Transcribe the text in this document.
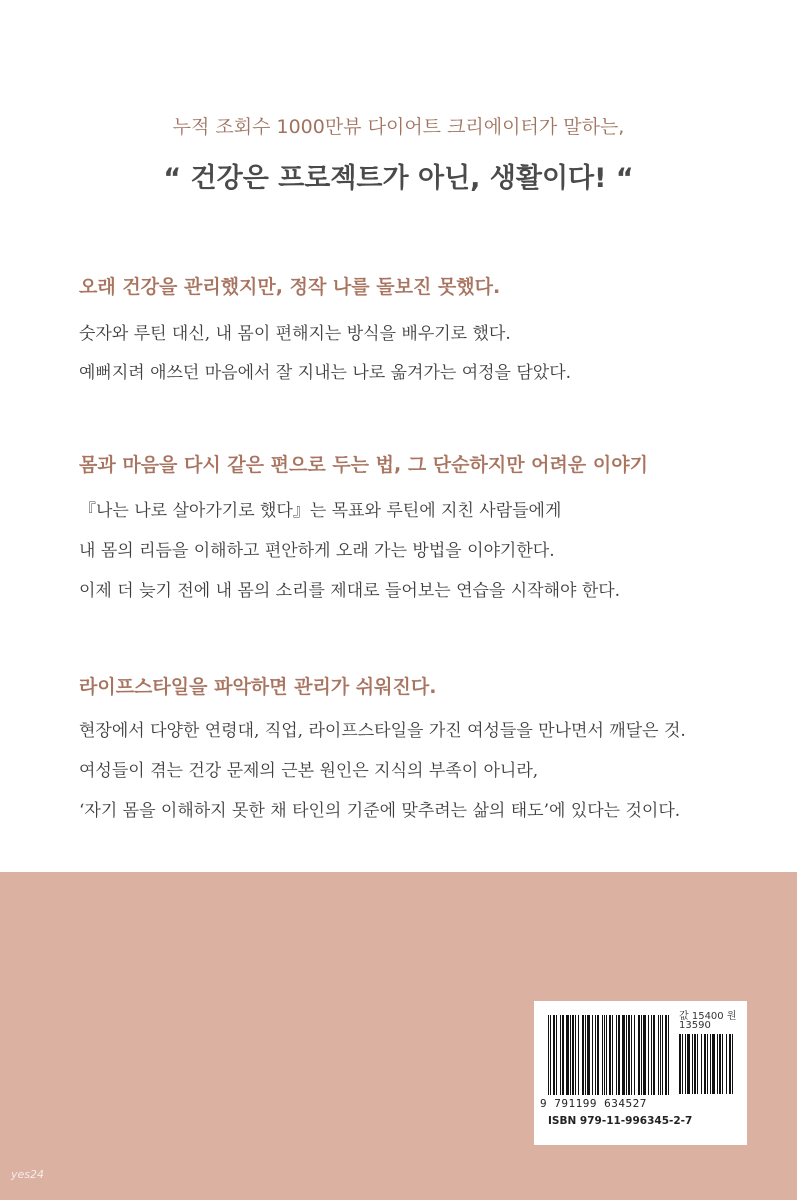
누적 조회수 1000만뷰 다이어트 크리에이터가 말하는,
“ 건강은 프로젝트가 아닌, 생활이다! “
오래 건강을 관리했지만, 정작 나를 돌보진 못했다.
숫자와 루틴 대신, 내 몸이 편해지는 방식을 배우기로 했다.
예뻐지려 애쓰던 마음에서 잘 지내는 나로 옮겨가는 여정을 담았다.
몸과 마음을 다시 같은 편으로 두는 법, 그 단순하지만 어려운 이야기
『나는 나로 살아가기로 했다』는 목표와 루틴에 지친 사람들에게
내 몸의 리듬을 이해하고 편안하게 오래 가는 방법을 이야기한다.
이제 더 늦기 전에 내 몸의 소리를 제대로 들어보는 연습을 시작해야 한다.
라이프스타일을 파악하면 관리가 쉬워진다.
현장에서 다양한 연령대, 직업, 라이프스타일을 가진 여성들을 만나면서 깨달은 것.
여성들이 겪는 건강 문제의 근본 원인은 지식의 부족이 아니라,
‘자기 몸을 이해하지 못한 채 타인의 기준에 맞추려는 삶의 태도’에 있다는 것이다.
값 15400 원
13590
9 791199 634527
ISBN 979-11-996345-2-7
yes24
